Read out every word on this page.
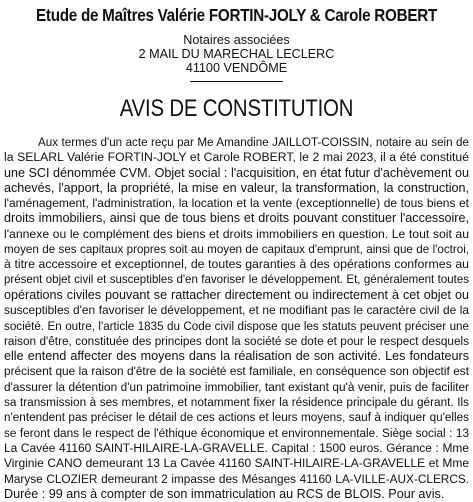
Etude de Maîtres Valérie FORTIN-JOLY & Carole ROBERT
Notaires associées
2 MAIL DU MARECHAL LECLERC
41100 VENDÔME
AVIS DE CONSTITUTION
Aux termes d'un acte reçu par Me Amandine JAILLOT-COISSIN, notaire au sein de
la SELARL Valérie FORTIN-JOLY et Carole ROBERT, le 2 mai 2023, il a été constitué
une SCI dénommée CVM. Objet social : l'acquisition, en état futur d'achèvement ou
achevés, l'apport, la propriété, la mise en valeur, la transformation, la construction,
l'aménagement, l'administration, la location et la vente (exceptionnelle) de tous biens et
droits immobiliers, ainsi que de tous biens et droits pouvant constituer l'accessoire,
l'annexe ou le complément des biens et droits immobiliers en question. Le tout soit au
moyen de ses capitaux propres soit au moyen de capitaux d'emprunt, ainsi que de l'octroi,
à titre accessoire et exceptionnel, de toutes garanties à des opérations conformes au
présent objet civil et susceptibles d'en favoriser le développement. Et, généralement toutes
opérations civiles pouvant se rattacher directement ou indirectement à cet objet ou
susceptibles d'en favoriser le développement, et ne modifiant pas le caractère civil de la
société. En outre, l'article 1835 du Code civil dispose que les statuts peuvent préciser une
raison d'être, constituée des principes dont la société se dote et pour le respect desquels
elle entend affecter des moyens dans la réalisation de son activité. Les fondateurs
précisent que la raison d'être de la société est familiale, en conséquence son objectif est
d'assurer la détention d'un patrimoine immobilier, tant existant qu'à venir, puis de faciliter
sa transmission à ses membres, et notamment fixer la résidence principale du gérant. Ils
n'entendent pas préciser le détail de ces actions et leurs moyens, sauf à indiquer qu'elles
se feront dans le respect de l'éthique économique et environnementale. Siège social : 13
La Cavée 41160 SAINT-HILAIRE-LA-GRAVELLE. Capital : 1500 euros. Gérance : Mme
Virginie CANO demeurant 13 La Cavée 41160 SAINT-HILAIRE-LA-GRAVELLE et Mme
Maryse CLOZIER demeurant 2 impasse des Mésanges 41160 LA-VILLE-AUX-CLERCS.
Durée : 99 ans à compter de son immatriculation au RCS de BLOIS. Pour avis.
